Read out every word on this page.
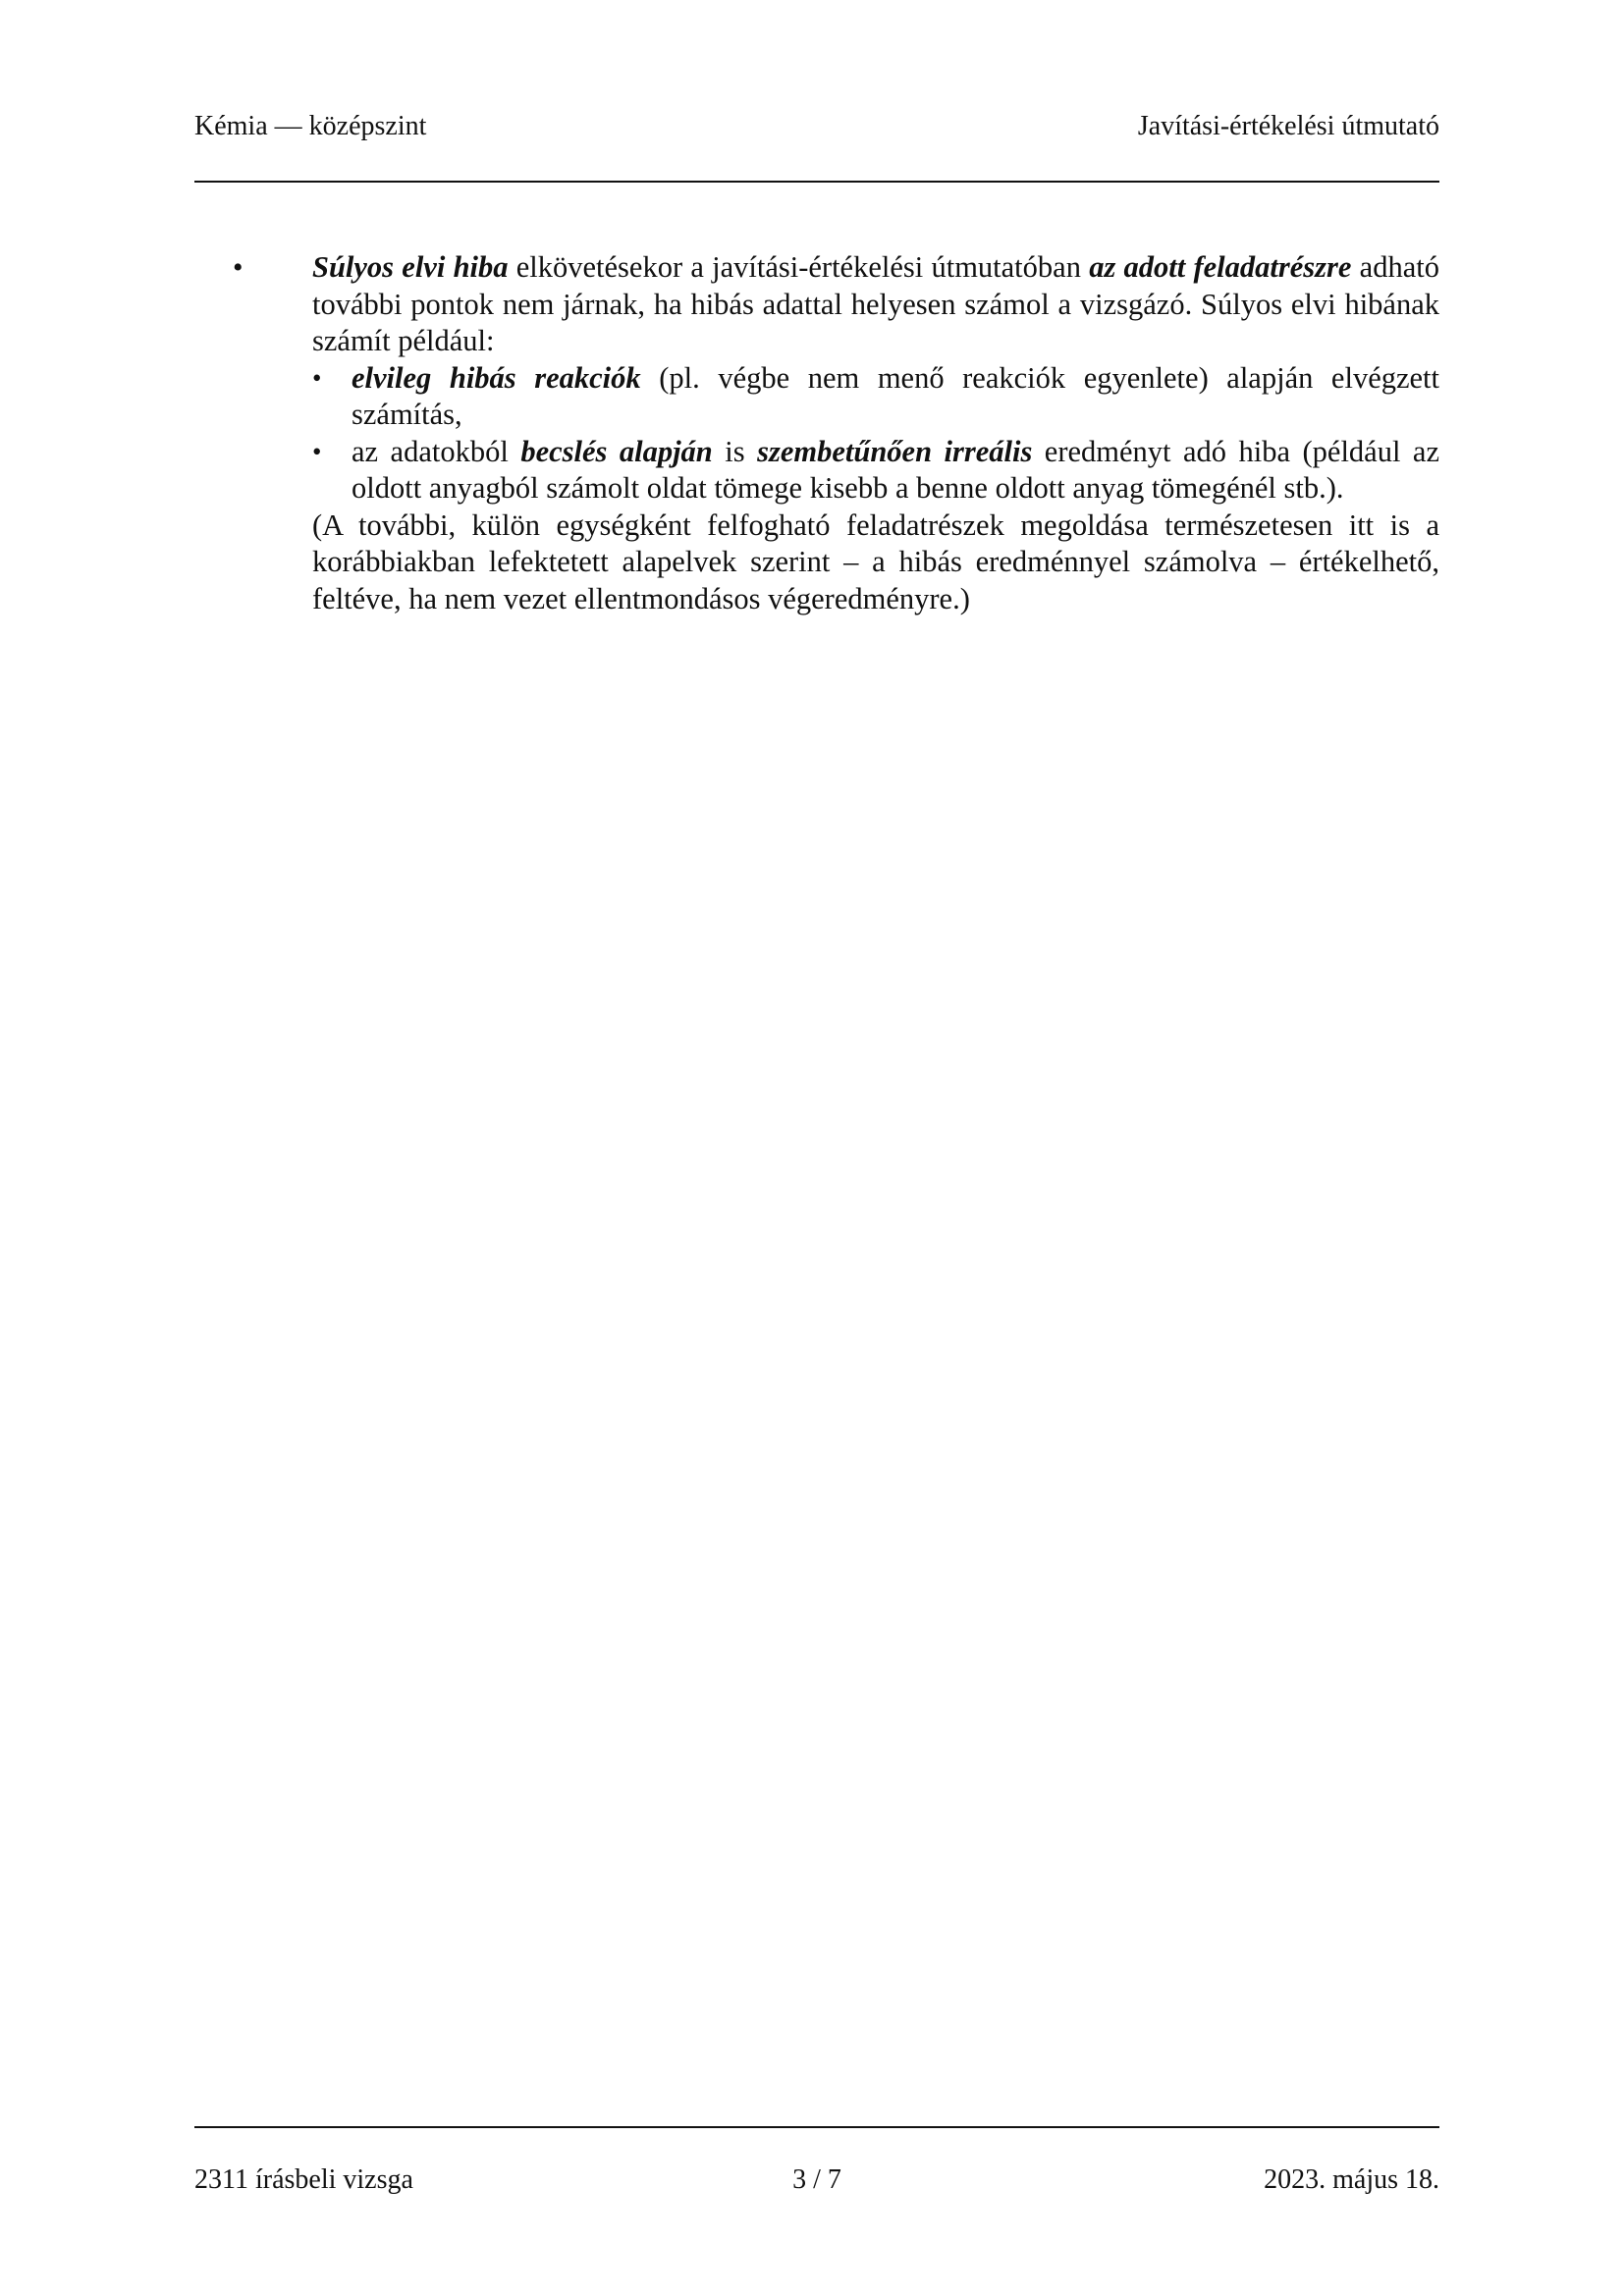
Kémia — középszint	Javítási-értékelési útmutató
• Súlyos elvi hiba elkövetésekor a javítási-értékelési útmutatóban az adott feladatrészre adható további pontok nem járnak, ha hibás adattal helyesen számol a vizsgázó. Súlyos elvi hibának számít például:
• elvileg hibás reakciók (pl. végbe nem menő reakciók egyenlete) alapján elvégzett számítás,
• az adatokból becslés alapján is szembetűnően irreális eredményt adó hiba (például az oldott anyagból számolt oldat tömege kisebb a benne oldott anyag tömegénél stb.).
(A további, külön egységként felfogható feladatrészek megoldása természetesen itt is a korábbiakban lefektetett alapelvek szerint – a hibás eredménnyel számolva – értékelhető, feltéve, ha nem vezet ellentmondásos végeredményre.)
2311 írásbeli vizsga	3 / 7	2023. május 18.
